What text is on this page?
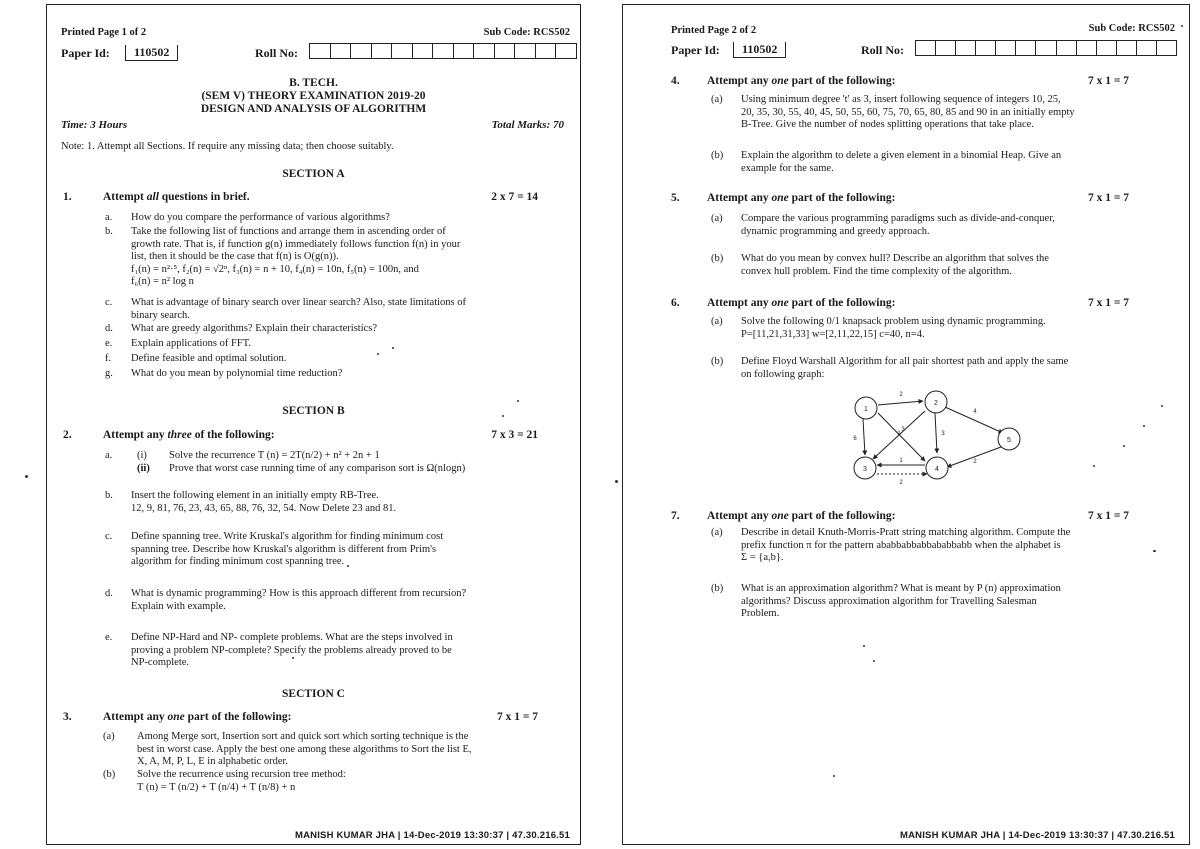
Printed Page 1 of 2	Sub Code: RCS502
Paper Id:	110502	Roll No:
B. TECH.
(SEM V) THEORY EXAMINATION 2019-20
DESIGN AND ANALYSIS OF ALGORITHM
Time: 3 Hours	Total Marks: 70
Note: 1. Attempt all Sections. If require any missing data; then choose suitably.
SECTION A
1.	Attempt all questions in brief.	2 x 7 = 14
a.	How do you compare the performance of various algorithms?
b.	Take the following list of functions and arrange them in ascending order of
growth rate. That is, if function g(n) immediately follows function f(n) in your
list, then it should be the case that f(n) is O(g(n)).
f₁(n) = n²·⁵, f₂(n) = √2ⁿ, f₃(n) = n + 10, f₄(n) = 10n, f₅(n) = 100n, and
f₆(n) = n² log n
c.	What is advantage of binary search over linear search? Also, state limitations of
binary search.
d.	What are greedy algorithms? Explain their characteristics?
e.	Explain applications of FFT.
f.	Define feasible and optimal solution.
g.	What do you mean by polynomial time reduction?
SECTION B
2.	Attempt any three of the following:	7 x 3 = 21
a. (i) Solve the recurrence T (n) = 2T(n/2) + n² + 2n + 1
(ii) Prove that worst case running time of any comparison sort is Ω(nlogn)
b.	Insert the following element in an initially empty RB-Tree.
12, 9, 81, 76, 23, 43, 65, 88, 76, 32, 54. Now Delete 23 and 81.
c.	Define spanning tree. Write Kruskal's algorithm for finding minimum cost
spanning tree. Describe how Kruskal's algorithm is different from Prim's
algorithm for finding minimum cost spanning tree.
d.	What is dynamic programming? How is this approach different from recursion?
Explain with example.
e.	Define NP-Hard and NP- complete problems. What are the steps involved in
proving a problem NP-complete? Specify the problems already proved to be
NP-complete.
SECTION C
3.	Attempt any one part of the following:	7 x 1 = 7
(a)	Among Merge sort, Insertion sort and quick sort which sorting technique is the
best in worst case. Apply the best one among these algorithms to Sort the list E,
X, A, M, P, L, E in alphabetic order.
(b)	Solve the recurrence using recursion tree method:
T (n) = T (n/2) + T (n/4) + T (n/8) + n
MANISH KUMAR JHA | 14-Dec-2019 13:30:37 | 47.30.216.51
Printed Page 2 of 2	Sub Code: RCS502
Paper Id:	110502	Roll No:
4. Attempt any one part of the following:	7 x 1 = 7
(a)	Using minimum degree 't' as 3, insert following sequence of integers 10, 25,
20, 35, 30, 55, 40, 45, 50, 55, 60, 75, 70, 65, 80, 85 and 90 in an initially empty
B-Tree. Give the number of nodes splitting operations that take place.
(b)	Explain the algorithm to delete a given element in a binomial Heap. Give an
example for the same.
5. Attempt any one part of the following:	7 x 1 = 7
(a)	Compare the various programming paradigms such as divide-and-conquer,
dynamic programming and greedy approach.
(b)	What do you mean by convex hull? Describe an algorithm that solves the
convex hull problem. Find the time complexity of the algorithm.
6. Attempt any one part of the following:	7 x 1 = 7
(a)	Solve the following 0/1 knapsack problem using dynamic programming.
P=[11,21,31,33] w=[2,11,22,15] c=40, n=4.
(b)	Define Floyd Warshall Algorithm for all pair shortest path and apply the same
on following graph:
1
2
3	4
5
2
3
6
4
3
1
2
1
2
7. Attempt any one part of the following:	7 x 1 = 7
(a)	Describe in detail Knuth-Morris-Pratt string matching algorithm. Compute the
prefix function π for the pattern ababbabbabbababbabb when the alphabet is
Σ = {a,b}.
(b)	What is an approximation algorithm? What is meant by P (n) approximation
algorithms? Discuss approximation algorithm for Travelling Salesman
Problem.
MANISH KUMAR JHA | 14-Dec-2019 13:30:37 | 47.30.216.51
